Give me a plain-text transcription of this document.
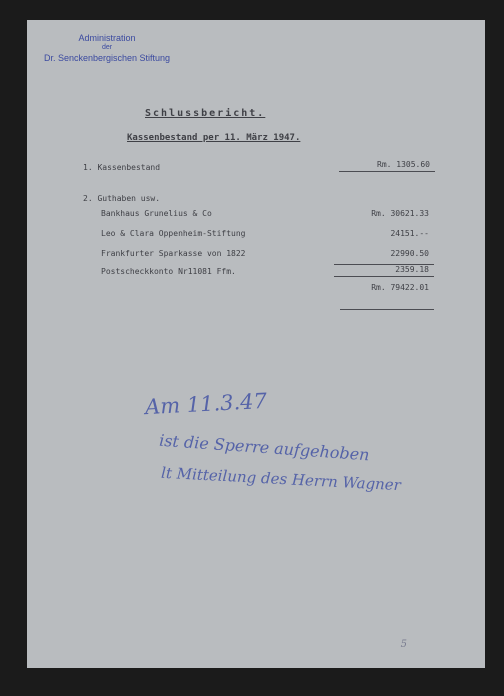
Administration
der
Dr. Senckenbergischen Stiftung
Schlussbericht.
Kassenbestand per 11. März 1947.
1. Kassenbestand	Rm. 1305.60
2. Guthaben usw.
Bankhaus Grunelius & Co	Rm. 30621.33
Leo & Clara Oppenheim-Stiftung	24151.--
Frankfurter Sparkasse von 1822	22990.50
Postscheckkonto Nr11081 Ffm.	2359.18
Rm. 79422.01
Am 11.3.47
ist die Sperre aufgehoben
lt Mitteilung des Herrn Wagner
5
